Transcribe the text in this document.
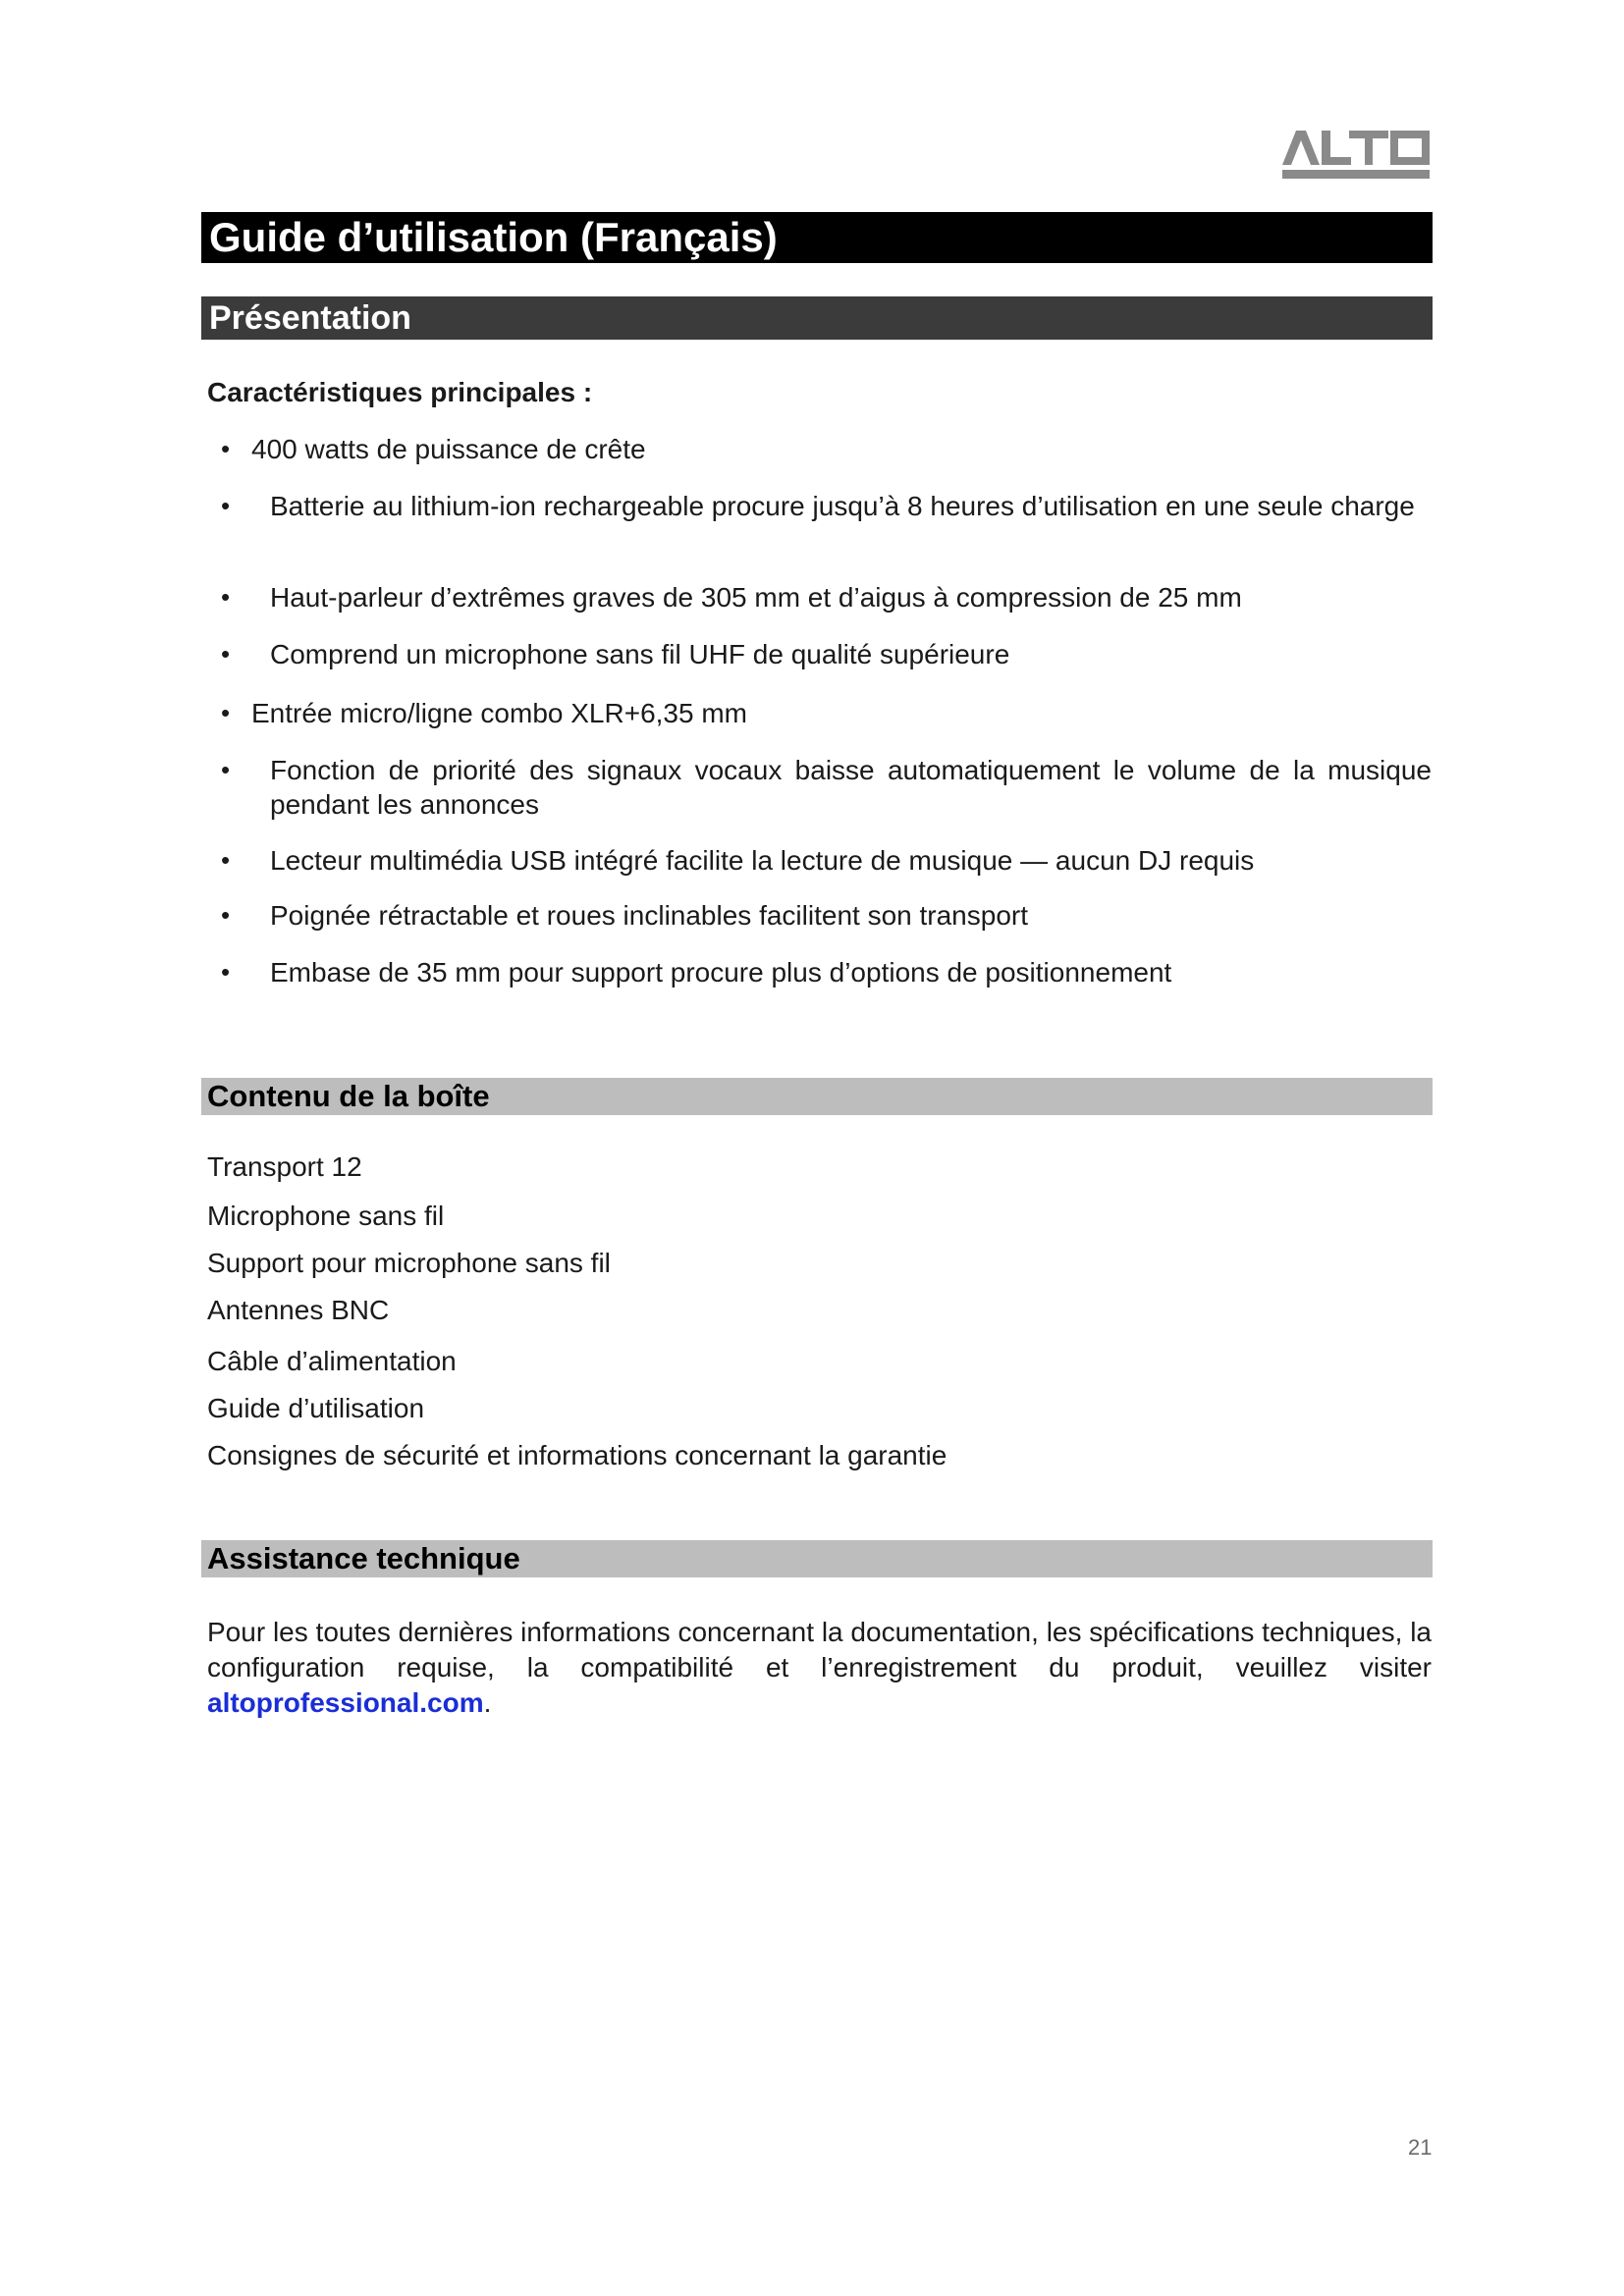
Guide d’utilisation (Français)
Présentation
Caractéristiques principales :
• 400 watts de puissance de crête
• Batterie au lithium-ion rechargeable procure jusqu’à 8 heures d’utilisation en une seule charge
• Haut-parleur d’extrêmes graves de 305 mm et d’aigus à compression de 25 mm
• Comprend un microphone sans fil UHF de qualité supérieure
• Entrée micro/ligne combo XLR+6,35 mm
• Fonction de priorité des signaux vocaux baisse automatiquement le volume de la musique pendant les annonces
• Lecteur multimédia USB intégré facilite la lecture de musique — aucun DJ requis
• Poignée rétractable et roues inclinables facilitent son transport
• Embase de 35 mm pour support procure plus d’options de positionnement
Contenu de la boîte
Transport 12
Microphone sans fil
Support pour microphone sans fil
Antennes BNC
Câble d’alimentation
Guide d’utilisation
Consignes de sécurité et informations concernant la garantie
Assistance technique
Pour les toutes dernières informations concernant la documentation, les spécifications techniques, la configuration requise, la compatibilité et l’enregistrement du produit, veuillez visiter altoprofessional.com.
21
